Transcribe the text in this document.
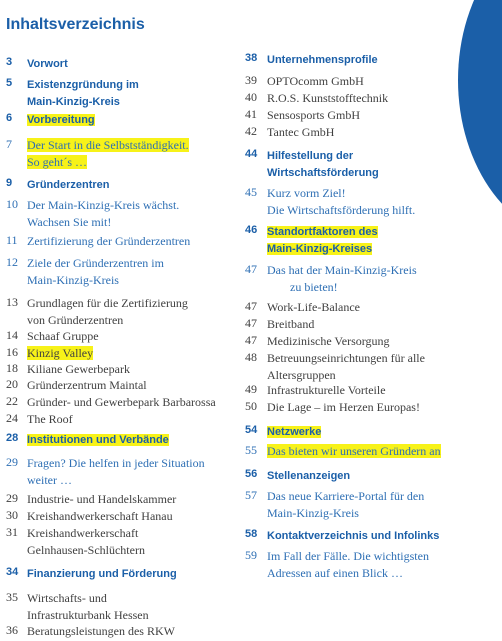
Inhaltsverzeichnis
3 Vorwort
5 Existenzgründung im
Main-Kinzig-Kreis
6 Vorbereitung
7 Der Start in die Selbstständigkeit.
So geht´s …
9 Gründerzentren
10 Der Main-Kinzig-Kreis wächst.
Wachsen Sie mit!
11 Zertifizierung der Gründerzentren
12 Ziele der Gründerzentren im
Main-Kinzig-Kreis
13 Grundlagen für die Zertifizierung
von Gründerzentren
14 Schaaf Gruppe
16 Kinzig Valley
18 Kiliane Gewerbepark
20 Gründerzentrum Maintal
22 Gründer- und Gewerbepark Barbarossa
24 The Roof
28 Institutionen und Verbände
29 Fragen? Die helfen in jeder Situation
weiter …
29 Industrie- und Handelskammer
30 Kreishandwerkerschaft Hanau
31 Kreishandwerkerschaft
Gelnhausen-Schlüchtern
34 Finanzierung und Förderung
35 Wirtschafts- und
Infrastrukturbank Hessen
36 Beratungsleistungen des RKW
38 Unternehmensprofile
39 OPTOcomm GmbH
40 R.O.S. Kunststofftechnik
41 Sensosports GmbH
42 Tantec GmbH
44 Hilfestellung der
Wirtschaftsförderung
45 Kurz vorm Ziel!
Die Wirtschaftsförderung hilft.
46 Standortfaktoren des
Main-Kinzig-Kreises
47 Das hat der Main-Kinzig-Kreis
zu bieten!
47 Work-Life-Balance
47 Breitband
47 Medizinische Versorgung
48 Betreuungseinrichtungen für alle
Altersgruppen
49 Infrastrukturelle Vorteile
50 Die Lage – im Herzen Europas!
54 Netzwerke
55 Das bieten wir unseren Gründern an
56 Stellenanzeigen
57 Das neue Karriere-Portal für den
Main-Kinzig-Kreis
58 Kontaktverzeichnis und Infolinks
59 Im Fall der Fälle. Die wichtigsten
Adressen auf einen Blick …
